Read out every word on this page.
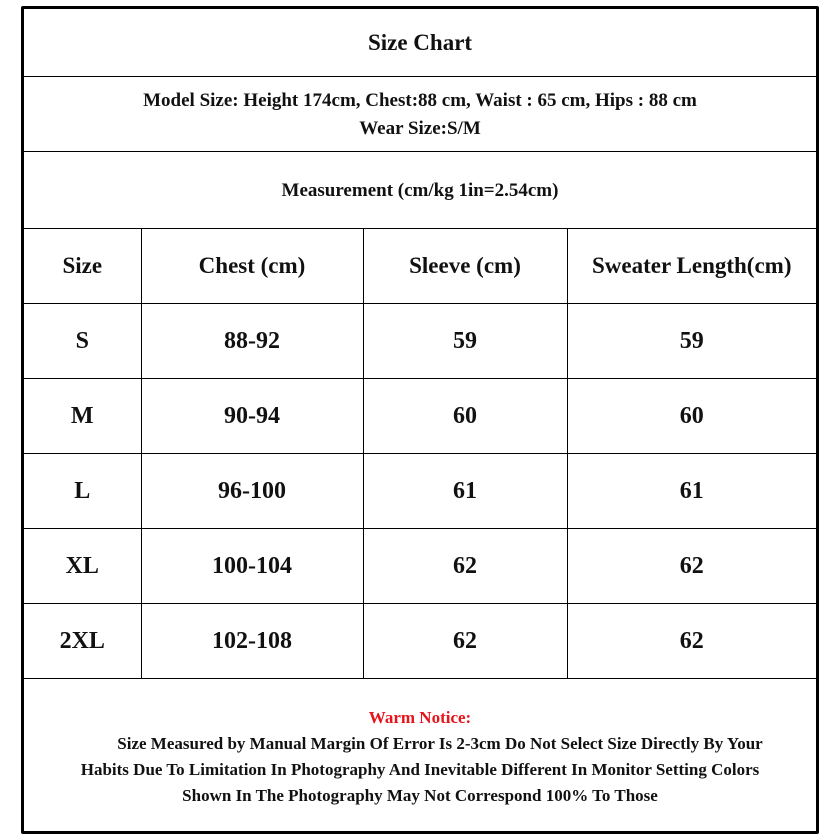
Size Chart
Model Size: Height 174cm, Chest:88 cm, Waist : 65 cm, Hips : 88 cm
Wear Size:S/M
Measurement (cm/kg 1in=2.54cm)
Size	Chest (cm)	Sleeve (cm)	Sweater Length(cm)
S	88-92	59	59
M	90-94	60	60
L	96-100	61	61
XL	100-104	62	62
2XL	102-108	62	62
Warm Notice:
Size Measured by Manual Margin Of Error Is 2-3cm Do Not Select Size Directly By Your
Habits Due To Limitation In Photography And Inevitable Different In Monitor Setting Colors
Shown In The Photography May Not Correspond 100% To Those
